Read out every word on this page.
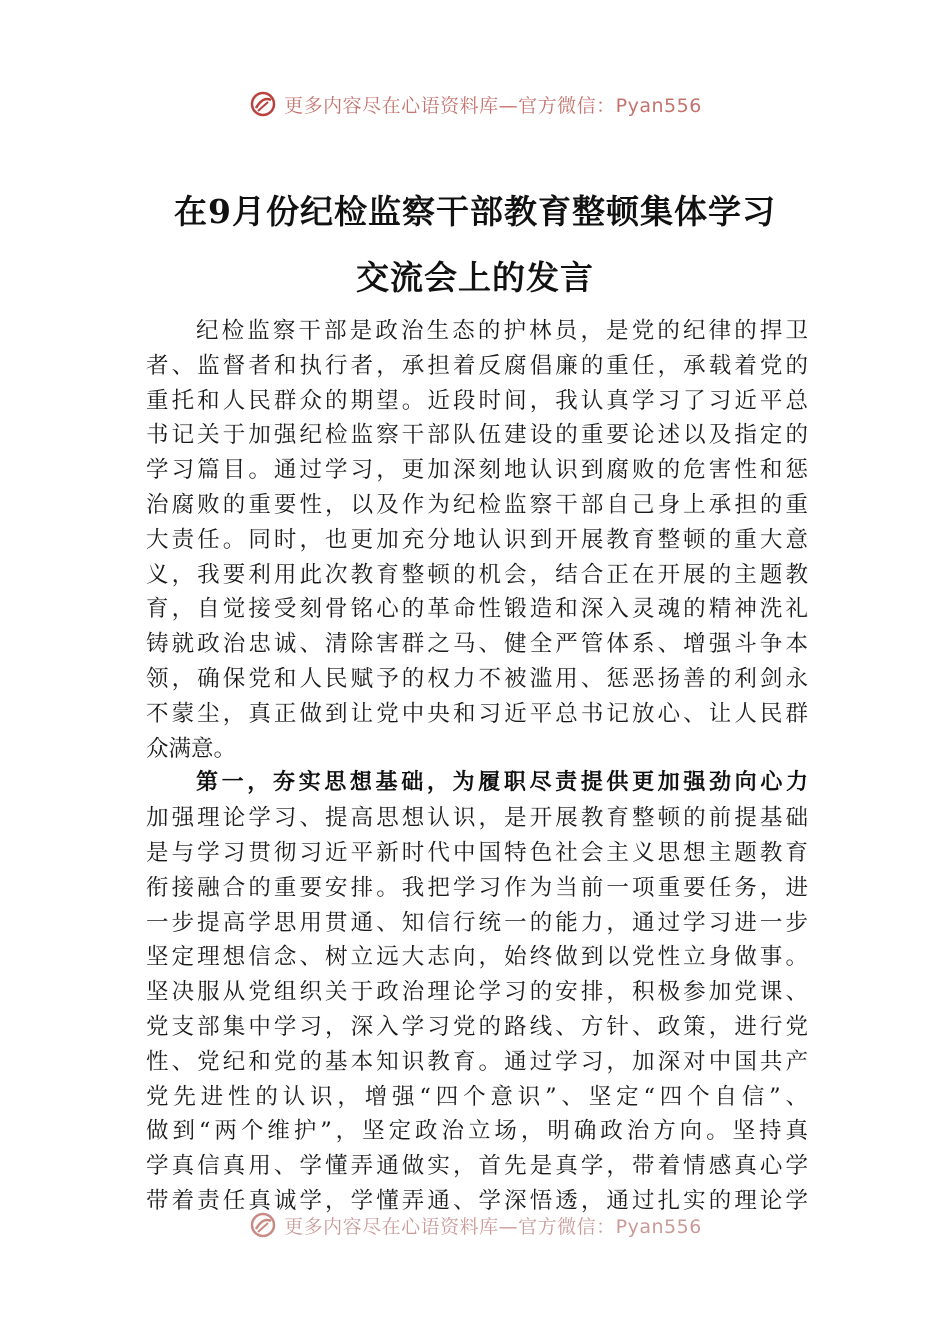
更多内容尽在心语资料库—官方微信：Pyan556
在9月份纪检监察干部教育整顿集体学习
交流会上的发言
纪检监察干部是政治生态的护林员，是党的纪律的捍卫
者、监督者和执行者，承担着反腐倡廉的重任，承载着党的
重托和人民群众的期望。近段时间，我认真学习了习近平总
书记关于加强纪检监察干部队伍建设的重要论述以及指定的
学习篇目。通过学习，更加深刻地认识到腐败的危害性和惩
治腐败的重要性，以及作为纪检监察干部自己身上承担的重
大责任。同时，也更加充分地认识到开展教育整顿的重大意
义，我要利用此次教育整顿的机会，结合正在开展的主题教
育，自觉接受刻骨铭心的革命性锻造和深入灵魂的精神洗礼
铸就政治忠诚、清除害群之马、健全严管体系、增强斗争本
领，确保党和人民赋予的权力不被滥用、惩恶扬善的利剑永
不蒙尘，真正做到让党中央和习近平总书记放心、让人民群
众满意。
第一，夯实思想基础，为履职尽责提供更加强劲向心力
加强理论学习、提高思想认识，是开展教育整顿的前提基础
是与学习贯彻习近平新时代中国特色社会主义思想主题教育
衔接融合的重要安排。我把学习作为当前一项重要任务，进
一步提高学思用贯通、知信行统一的能力，通过学习进一步
坚定理想信念、树立远大志向，始终做到以党性立身做事。
坚决服从党组织关于政治理论学习的安排，积极参加党课、
党支部集中学习，深入学习党的路线、方针、政策，进行党
性、党纪和党的基本知识教育。通过学习，加深对中国共产
党先进性的认识，增强“四个意识”、坚定“四个自信”、
做到“两个维护”，坚定政治立场，明确政治方向。坚持真
学真信真用、学懂弄通做实，首先是真学，带着情感真心学
带着责任真诚学，学懂弄通、学深悟透，通过扎实的理论学
更多内容尽在心语资料库—官方微信：Pyan556
